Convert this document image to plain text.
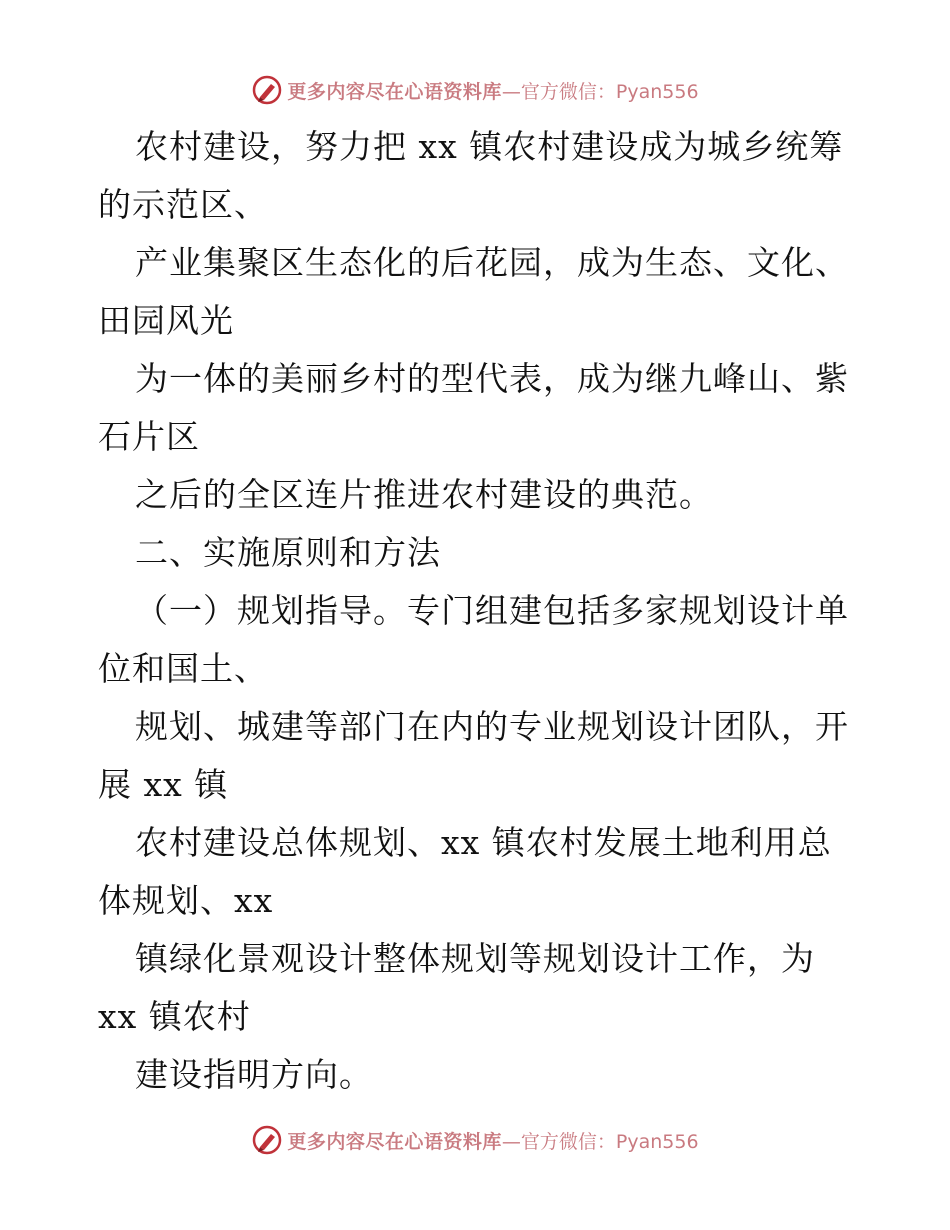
更多内容尽在心语资料库 —官方微信：Pyan556
农村建设，努力把 xx 镇农村建设成为城乡统筹
的示范区、
产业集聚区生态化的后花园，成为生态、文化、
田园风光
为一体的美丽乡村的型代表，成为继九峰山、紫
石片区
之后的全区连片推进农村建设的典范。
二、实施原则和方法
（一）规划指导。专门组建包括多家规划设计单
位和国土、
规划、城建等部门在内的专业规划设计团队，开
展 xx 镇
农村建设总体规划、xx 镇农村发展土地利用总
体规划、xx
镇绿化景观设计整体规划等规划设计工作，为
xx 镇农村
建设指明方向。
更多内容尽在心语资料库 —官方微信：Pyan556
